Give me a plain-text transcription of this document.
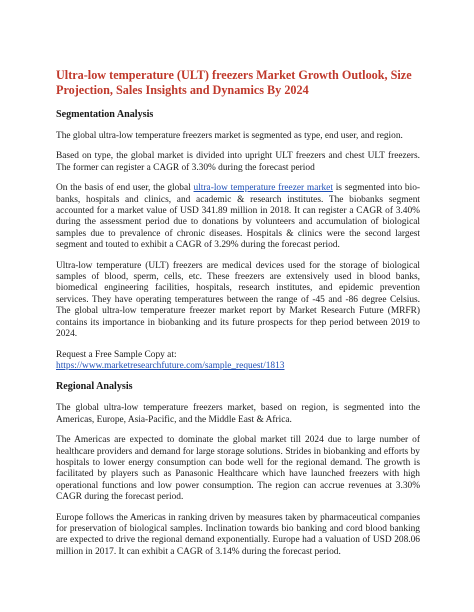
Ultra-low temperature (ULT) freezers Market Growth Outlook, Size Projection, Sales Insights and Dynamics By 2024
Segmentation Analysis

The global ultra-low temperature freezers market is segmented as type, end user, and region.

Based on type, the global market is divided into upright ULT freezers and chest ULT freezers. The former can register a CAGR of 3.30% during the forecast period

On the basis of end user, the global ultra-low temperature freezer market is segmented into bio-banks, hospitals and clinics, and academic & research institutes. The biobanks segment accounted for a market value of USD 341.89 million in 2018. It can register a CAGR of 3.40% during the assessment period due to donations by volunteers and accumulation of biological samples due to prevalence of chronic diseases. Hospitals & clinics were the second largest segment and touted to exhibit a CAGR of 3.29% during the forecast period.

Ultra-low temperature (ULT) freezers are medical devices used for the storage of biological samples of blood, sperm, cells, etc. These freezers are extensively used in blood banks, biomedical engineering facilities, hospitals, research institutes, and epidemic prevention services. They have operating temperatures between the range of -45 and -86 degree Celsius. The global ultra-low temperature freezer market report by Market Research Future (MRFR) contains its importance in biobanking and its future prospects for thep period between 2019 to 2024.

Request a Free Sample Copy at:
https://www.marketresearchfuture.com/sample_request/1813

Regional Analysis

The global ultra-low temperature freezers market, based on region, is segmented into the Americas, Europe, Asia-Pacific, and the Middle East & Africa.

The Americas are expected to dominate the global market till 2024 due to large number of healthcare providers and demand for large storage solutions. Strides in biobanking and efforts by hospitals to lower energy consumption can bode well for the regional demand. The growth is facilitated by players such as Panasonic Healthcare which have launched freezers with high operational functions and low power consumption. The region can accrue revenues at 3.30% CAGR during the forecast period.

Europe follows the Americas in ranking driven by measures taken by pharmaceutical companies for preservation of biological samples. Inclination towards bio banking and cord blood banking are expected to drive the regional demand exponentially. Europe had a valuation of USD 208.06 million in 2017. It can exhibit a CAGR of 3.14% during the forecast period.
